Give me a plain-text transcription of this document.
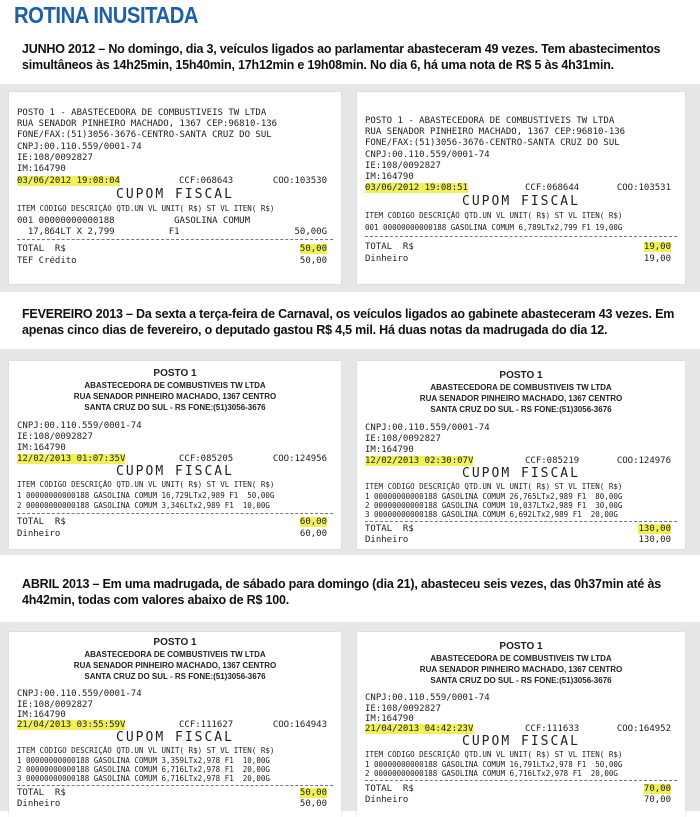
ROTINA INUSITADA
JUNHO 2012 – No domingo, dia 3, veículos ligados ao parlamentar abasteceram 49 vezes. Tem abastecimentos simultâneos às 14h25min, 15h40min, 17h12min e 19h08min. No dia 6, há uma nota de R$ 5 às 4h31min.
POSTO 1 - ABASTECEDORA DE COMBUSTIVEIS TW LTDA
RUA SENADOR PINHEIRO MACHADO, 1367 CEP:96810-136
FONE/FAX:(51)3056-3676-CENTRO-SANTA CRUZ DO SUL
CNPJ:00.110.559/0001-74
IE:108/0092827
IM:164790
03/06/2012 19:08:04	CCF:068643	COO:103530
CUPOM FISCAL
ITEM CÓDIGO DESCRIÇÃO QTD.UN VL UNIT( R$) ST VL ITEN( R$)
001 00000000000188           GASOLINA COMUM
17,864LT X 2,799          F1	50,00G
TOTAL  R$	50,00
TEF Crédito	50,00
POSTO 1 - ABASTECEDORA DE COMBUSTIVEIS TW LTDA
RUA SENADOR PINHEIRO MACHADO, 1367 CEP:96810-136
FONE/FAX:(51)3056-3676-CENTRO-SANTA CRUZ DO SUL
CNPJ:00.110.559/0001-74
IE:108/0092827
IM:164790
03/06/2012 19:08:51	CCF:068644	COO:103531
CUPOM FISCAL
ITEM CÓDIGO DESCRIÇÃO QTD.UN VL UNIT( R$) ST VL ITEN( R$)
001 00000000000188 GASOLINA COMUM 6,789LTx2,799 F1 19,00G
TOTAL  R$	19,00
Dinheiro	19,00
FEVEREIRO 2013 – Da sexta a terça-feira de Carnaval, os veículos ligados ao gabinete abasteceram 43 vezes. Em apenas cinco dias de fevereiro, o deputado gastou R$ 4,5 mil. Há duas notas da madrugada do dia 12.
POSTO 1
ABASTECEDORA DE COMBUSTIVEIS TW LTDA
RUA SENADOR PINHEIRO MACHADO, 1367 CENTRO
SANTA CRUZ DO SUL - RS FONE:(51)3056-3676
CNPJ:00.110.559/0001-74
IE:108/0092827
IM:164790
12/02/2013 01:07:35V	CCF:085205	COO:124956
CUPOM FISCAL
ITEM CÓDIGO DESCRIÇÃO QTD.UN VL UNIT( R$) ST VL ITEN( R$)
1 00000000000188 GASOLINA COMUM 16,729LTx2,989 F1  50,00G
2 00000000000188 GASOLINA COMUM 3,346LTx2,989 F1  10,00G
TOTAL  R$	60,00
Dinheiro	60,00
POSTO 1
ABASTECEDORA DE COMBUSTIVEIS TW LTDA
RUA SENADOR PINHEIRO MACHADO, 1367 CENTRO
SANTA CRUZ DO SUL - RS FONE:(51)3056-3676
CNPJ:00.110.559/0001-74
IE:108/0092827
IM:164790
12/02/2013 02:30:07V	CCF:085219	COO:124976
CUPOM FISCAL
ITEM CÓDIGO DESCRIÇÃO QTD.UN VL UNIT( R$) ST VL ITEN( R$)
1 00000000000188 GASOLINA COMUM 26,765LTx2,989 F1  80,00G
2 00000000000188 GASOLINA COMUM 10,037LTx2,989 F1  30,00G
3 00000000000188 GASOLINA COMUM 6,692LTx2,989 F1  20,00G
TOTAL  R$	130,00
Dinheiro	130,00
ABRIL 2013 – Em uma madrugada, de sábado para domingo (dia 21), abasteceu seis vezes, das 0h37min até às 4h42min, todas com valores abaixo de R$ 100.
POSTO 1
ABASTECEDORA DE COMBUSTIVEIS TW LTDA
RUA SENADOR PINHEIRO MACHADO, 1367 CENTRO
SANTA CRUZ DO SUL - RS FONE:(51)3056-3676
CNPJ:00.110.559/0001-74
IE:108/0092827
IM:164790
21/04/2013 03:55:59V	CCF:111627	COO:164943
CUPOM FISCAL
ITEM CÓDIGO DESCRIÇÃO QTD.UN VL UNIT( R$) ST VL ITEN( R$)
1 00000000000188 GASOLINA COMUM 3,359LTx2,978 F1  10,00G
2 00000000000188 GASOLINA COMUM 6,716LTx2,978 F1  20,00G
3 00000000000188 GASOLINA COMUM 6,716LTx2,978 F1  20,00G
TOTAL  R$	50,00
Dinheiro	50,00
POSTO 1
ABASTECEDORA DE COMBUSTIVEIS TW LTDA
RUA SENADOR PINHEIRO MACHADO, 1367 CENTRO
SANTA CRUZ DO SUL - RS FONE:(51)3056-3676
CNPJ:00.110.559/0001-74
IE:108/0092827
IM:164790
21/04/2013 04:42:23V	CCF:111633	COO:164952
CUPOM FISCAL
ITEM CÓDIGO DESCRIÇÃO QTD.UN VL UNIT( R$) ST VL ITEN( R$)
1 00000000000188 GASOLINA COMUM 16,791LTx2,978 F1  50,00G
2 00000000000188 GASOLINA COMUM 6,716LTx2,978 F1  20,00G
TOTAL  R$	70,00
Dinheiro	70,00
